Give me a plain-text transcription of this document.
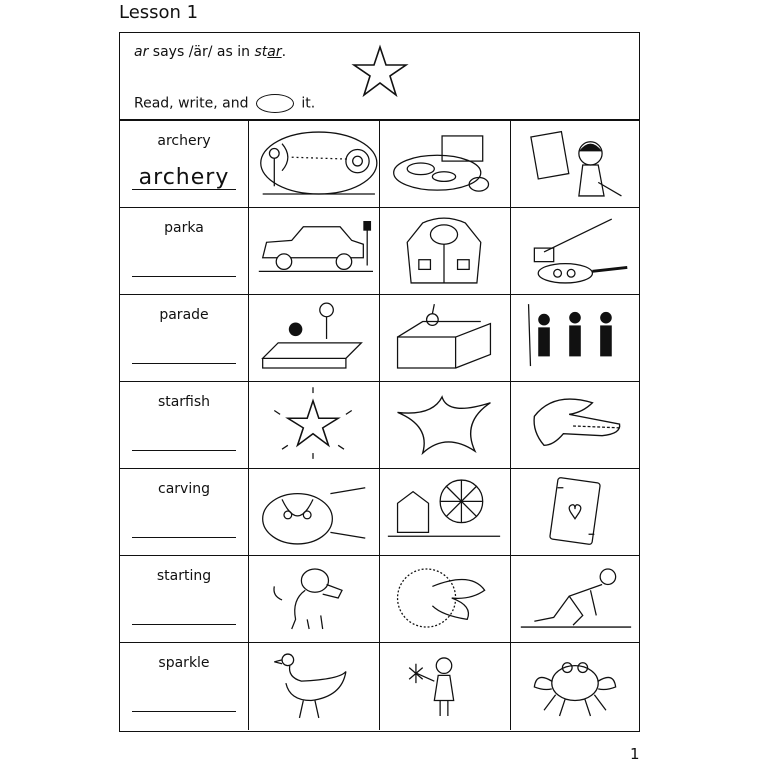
Lesson 1
ar says /är/ as in star.
Read, write, and	it.
archery
archery
parka
parade
starfish
carving
starting
sparkle
1
